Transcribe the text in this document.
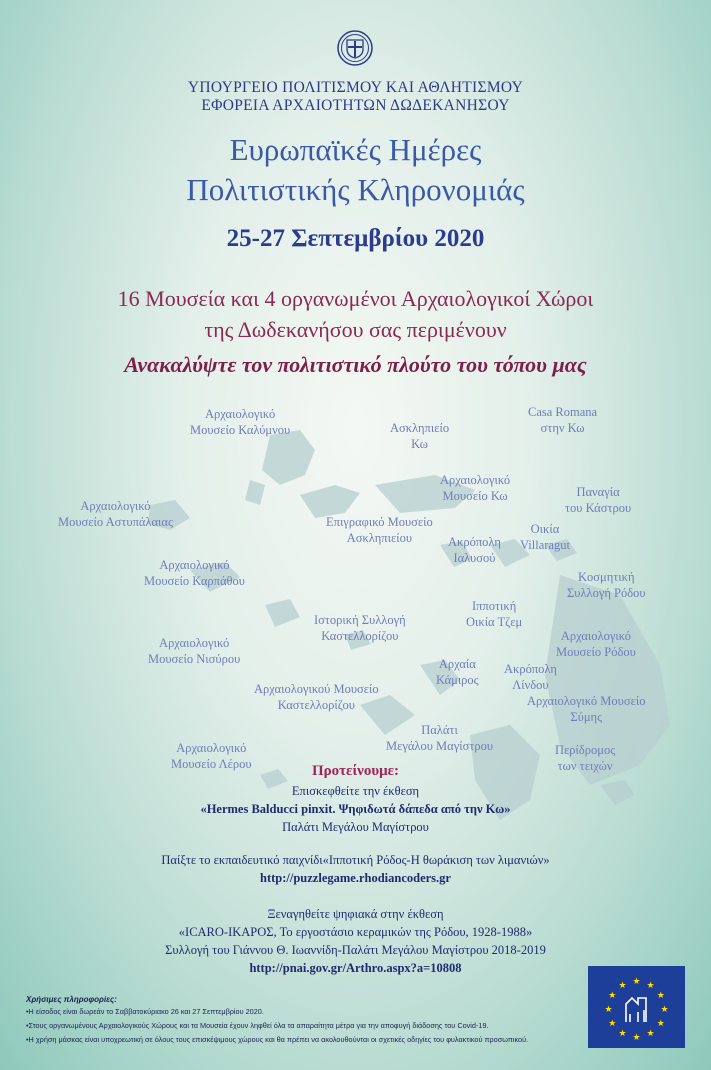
ΥΠΟΥΡΓΕΙΟ ΠΟΛΙΤΙΣΜΟΥ ΚΑΙ ΑΘΛΗΤΙΣΜΟΥ
ΕΦΟΡΕΙΑ ΑΡΧΑΙΟΤΗΤΩΝ ΔΩΔΕΚΑΝΗΣΟΥ
Ευρωπαϊκές Ημέρες
Πολιτιστικής Κληρονομιάς
25-27 Σεπτεμβρίου 2020
16 Μουσεία και 4 οργανωμένοι Αρχαιολογικοί Χώροι
της Δωδεκανήσου σας περιμένουν
Ανακαλύψτε τον πολιτιστικό πλούτο του τόπου μας
Αρχαιολογικό
Μουσείο Καλύμνου	Ασκληπιείο
Κω
Casa Romana
στην Κω
Αρχαιολογικό
Μουσείο Κω	Παναγία
του Κάστρου
Αρχαιολογικό
Μουσείο Αστυπάλαιας	Επιγραφικό Μουσείο
Ασκληπιείου	Ακρόπολη
Ιαλυσού
Οικία
Villaragut
Αρχαιολογικό
Μουσείο Καρπάθου	Κοσμητική
Συλλογή Ρόδου
Ιστορική Συλλογή
Καστελλορίζου
Ιπποτική
Οικία Τζεμ
Αρχαιολογικό
Μουσείο Νισύρου
Αρχαιολογικό
Μουσείο Ρόδου
Αρχαία
Κάμιρος
Ακρόπολη
Λίνδου
Αρχαιολογικού Μουσείο
Καστελλορίζου	Αρχαιολογικό Μουσείο
Σύμης
Παλάτι
Μεγάλου Μαγίστρου
Αρχαιολογικό
Μουσείο Λέρου
Περίδρομος
των τειχών
Προτείνουμε:
Επισκεφθείτε την έκθεση
«Hermes Balducci pinxit. Ψηφιδωτά δάπεδα από την Κω»
Παλάτι Μεγάλου Μαγίστρου
Παίξτε το εκπαιδευτικό παιχνίδι«Ιπποτική Ρόδος-Η θωράκιση των λιμανιών»
http://puzzlegame.rhodiancoders.gr
Ξεναγηθείτε ψηφιακά στην έκθεση
«ICARO-ΙΚΑΡΟΣ, Το εργοστάσιο κεραμικών της Ρόδου, 1928-1988»
Συλλογή του Γιάννου Θ. Ιωαννίδη-Παλάτι Μεγάλου Μαγίστρου 2018-2019
http://pnai.gov.gr/Arthro.aspx?a=10808
Χρήσιμες πληροφορίες:
•Η είσοδος είναι δωρεάν το Σαββατοκύριακο 26 και 27 Σεπτεμβρίου 2020.
•Στους οργανωμένους Αρχαιολογικούς Χώρους και τα Μουσεία έχουν ληφθεί όλα τα απαραίτητα μέτρα για την αποφυγή διάδοσης του Covid-19.
•Η χρήση μάσκας είναι υποχρεωτική σε όλους τους επισκέψιμους χώρους και θα πρέπει να ακολουθούνται οι σχετικές οδηγίες του φυλακτικού προσωπικού.
★ ★
★
★
★
★
★
★
★
★
★
★
